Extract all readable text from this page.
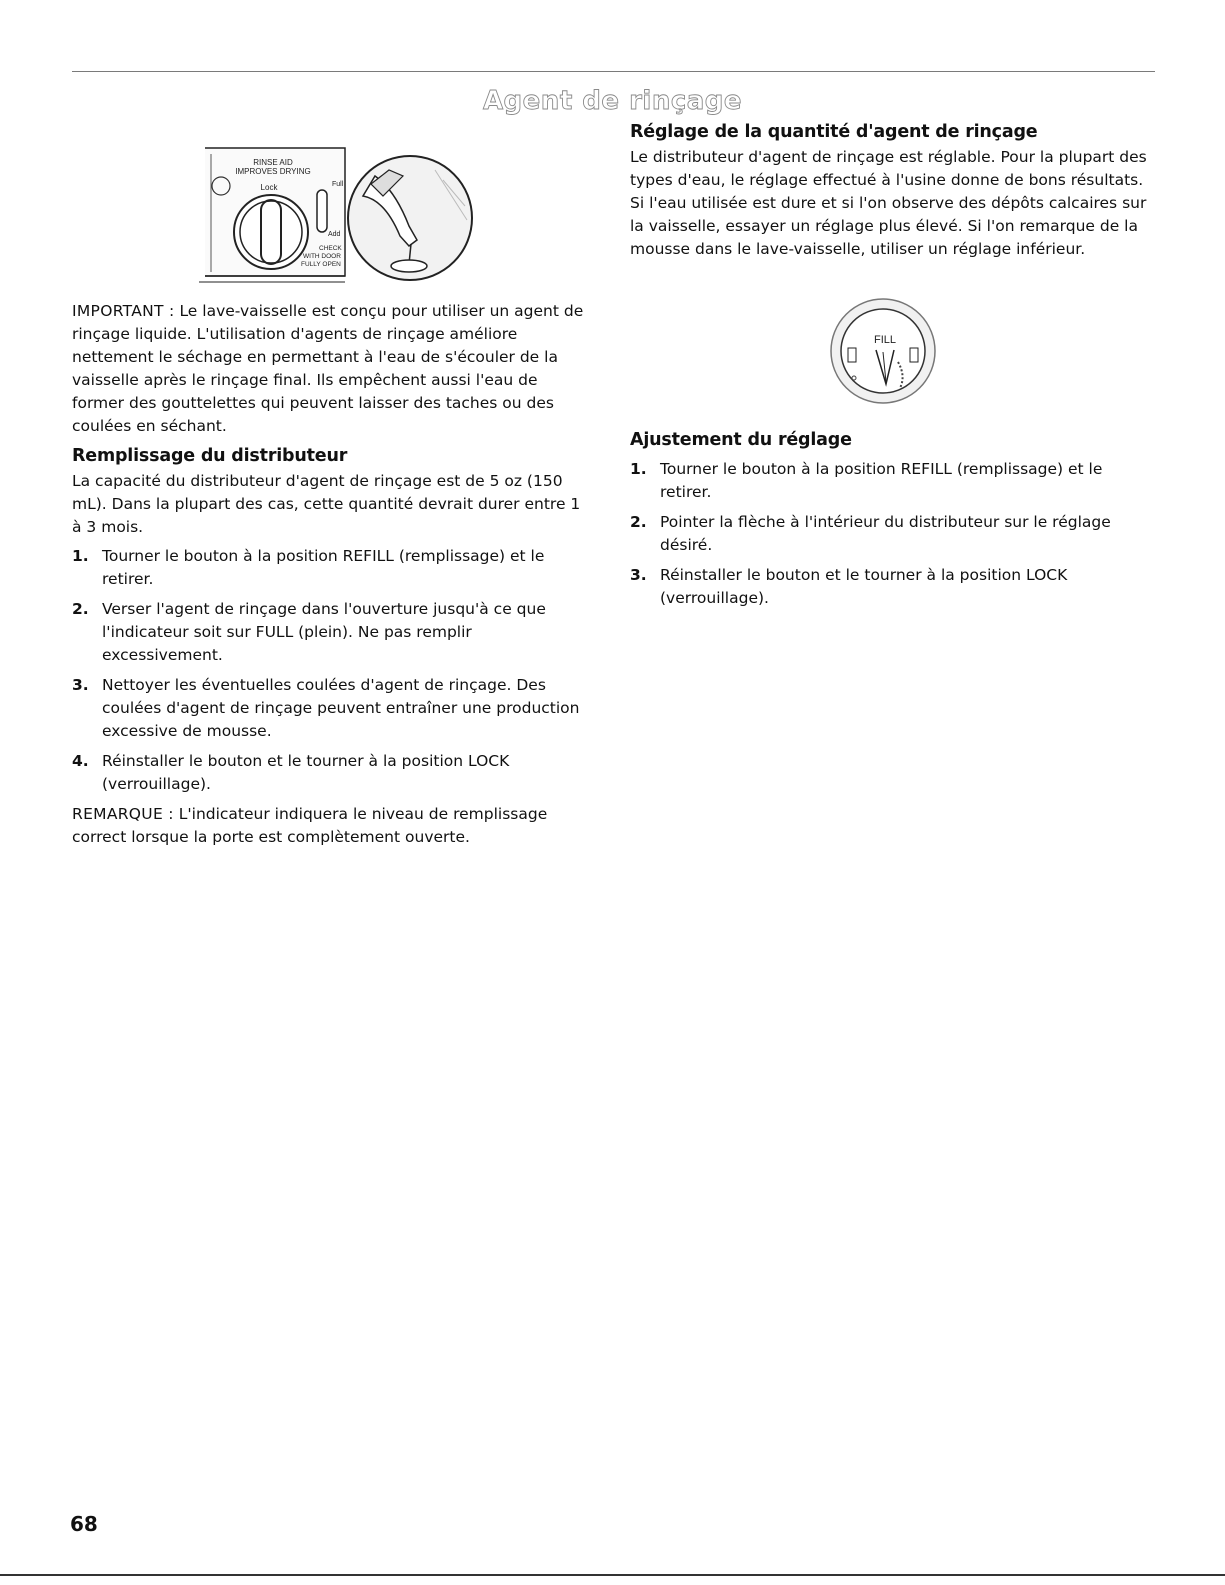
Agent de rinçage
RINSE AID
IMPROVES DRYING
Lock	Full
Add
CHECK
WITH DOOR
FULLY OPEN
FILL

IMPORTANT : Le lave-vaisselle est conçu pour utiliser un agent de rinçage liquide. L'utilisation d'agents de rinçage améliore nettement le séchage en permettant à l'eau de s'écouler de la vaisselle après le rinçage final. Ils empêchent aussi l'eau de former des gouttelettes qui peuvent laisser des taches ou des coulées en séchant.

Remplissage du distributeur

La capacité du distributeur d'agent de rinçage est de 5 oz (150 mL). Dans la plupart des cas, cette quantité devrait durer entre 1 à 3 mois.

1. Tourner le bouton à la position REFILL (remplissage) et le retirer.
2. Verser l'agent de rinçage dans l'ouverture jusqu'à ce que l'indicateur soit sur FULL (plein). Ne pas remplir excessivement.
3. Nettoyer les éventuelles coulées d'agent de rinçage. Des coulées d'agent de rinçage peuvent entraîner une production excessive de mousse.
4. Réinstaller le bouton et le tourner à la position LOCK (verrouillage).

REMARQUE : L'indicateur indiquera le niveau de remplissage correct lorsque la porte est complètement ouverte.

Réglage de la quantité d'agent de rinçage

Le distributeur d'agent de rinçage est réglable. Pour la plupart des types d'eau, le réglage effectué à l'usine donne de bons résultats. Si l'eau utilisée est dure et si l'on observe des dépôts calcaires sur la vaisselle, essayer un réglage plus élevé. Si l'on remarque de la mousse dans le lave-vaisselle, utiliser un réglage inférieur.

Ajustement du réglage
1. Tourner le bouton à la position REFILL (remplissage) et le retirer.
2. Pointer la flèche à l'intérieur du distributeur sur le réglage désiré.
3. Réinstaller le bouton et le tourner à la position LOCK (verrouillage).
68
